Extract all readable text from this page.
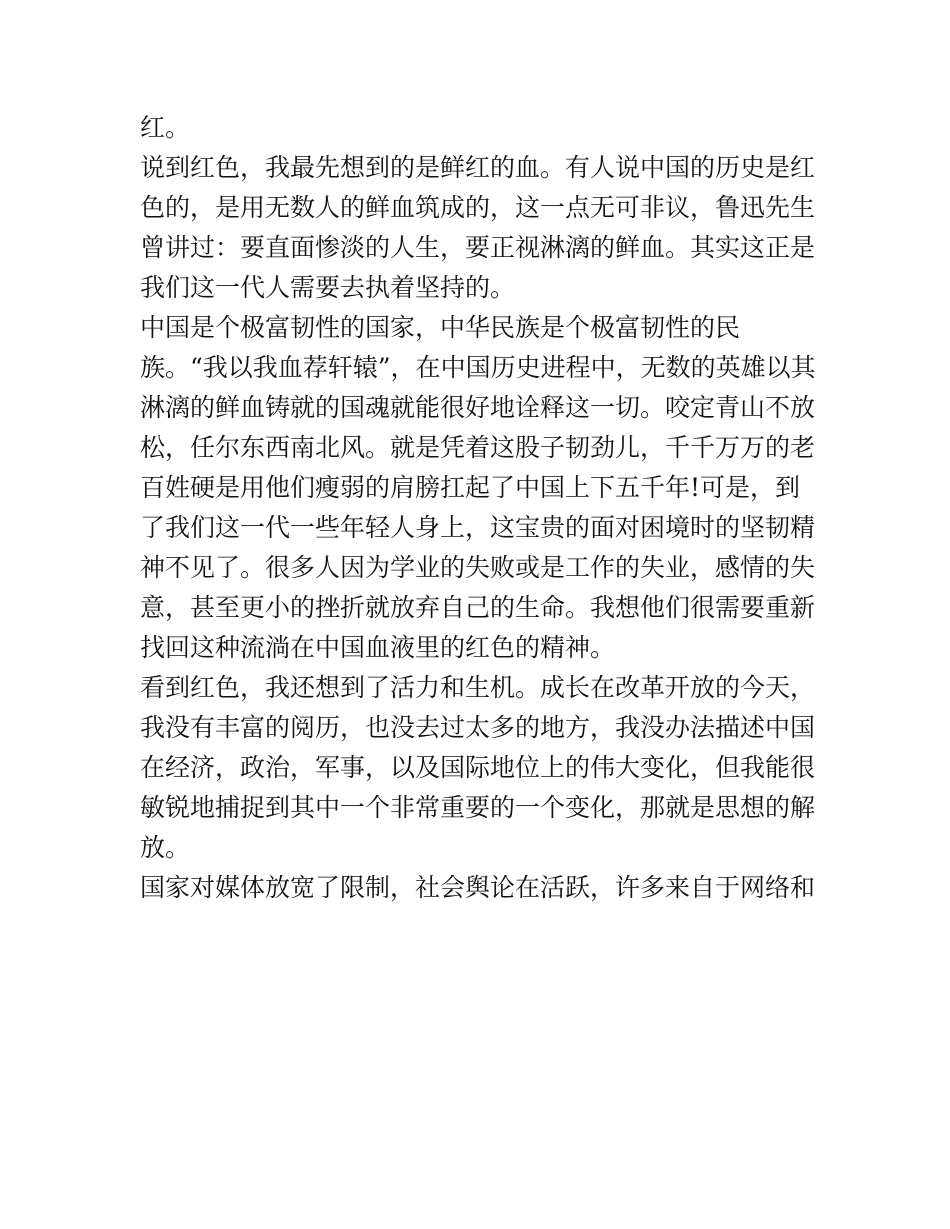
红。
说到红色，我最先想到的是鲜红的血。有人说中国的历史是红
色的，是用无数人的鲜血筑成的，这一点无可非议，鲁迅先生
曾讲过：要直面惨淡的人生，要正视淋漓的鲜血。其实这正是
我们这一代人需要去执着坚持的。
中国是个极富韧性的国家，中华民族是个极富韧性的民
族。“我以我血荐轩辕”，在中国历史进程中，无数的英雄以其
淋漓的鲜血铸就的国魂就能很好地诠释这一切。咬定青山不放
松，任尔东西南北风。就是凭着这股子韧劲儿，千千万万的老
百姓硬是用他们瘦弱的肩膀扛起了中国上下五千年!可是，到
了我们这一代一些年轻人身上，这宝贵的面对困境时的坚韧精
神不见了。很多人因为学业的失败或是工作的失业，感情的失
意，甚至更小的挫折就放弃自己的生命。我想他们很需要重新
找回这种流淌在中国血液里的红色的精神。
看到红色，我还想到了活力和生机。成长在改革开放的今天，
我没有丰富的阅历，也没去过太多的地方，我没办法描述中国
在经济，政治，军事，以及国际地位上的伟大变化，但我能很
敏锐地捕捉到其中一个非常重要的一个变化，那就是思想的解
放。
国家对媒体放宽了限制，社会舆论在活跃，许多来自于网络和
